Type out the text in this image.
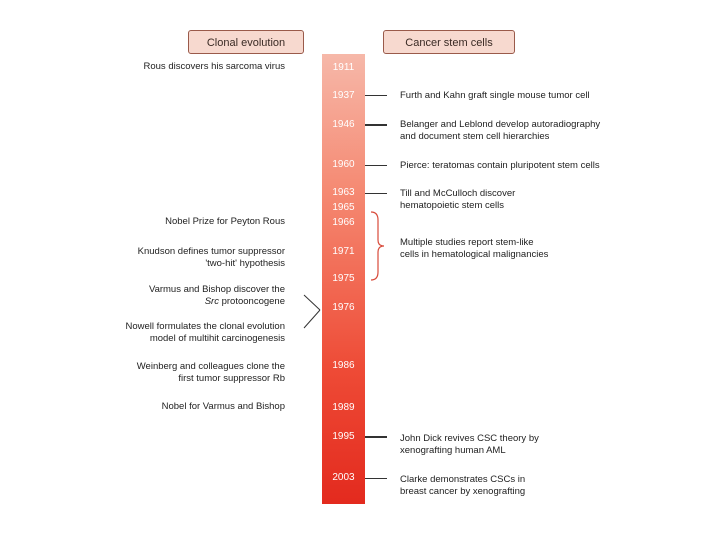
Clonal evolution	Cancer stem cells
1911
1937
1946
1960
1963
1965
1966
1971
1975
1976
1986
1989
1995
2003
Rous discovers his sarcoma virus
Nobel Prize for Peyton Rous
Knudson defines tumor suppressor
'two-hit' hypothesis
Varmus and Bishop discover the
Src protooncogene
Nowell formulates the clonal evolution
model of multihit carcinogenesis
Weinberg and colleagues clone the
first tumor suppressor Rb
Nobel for Varmus and Bishop
Furth and Kahn graft single mouse tumor cell
Belanger and Leblond develop autoradiography
and document stem cell hierarchies
Pierce: teratomas contain pluripotent stem cells
Till and McCulloch discover
hematopoietic stem cells
Multiple studies report stem-like
cells in hematological malignancies
John Dick revives CSC theory by
xenografting human AML
Clarke demonstrates CSCs in
breast cancer by xenografting
